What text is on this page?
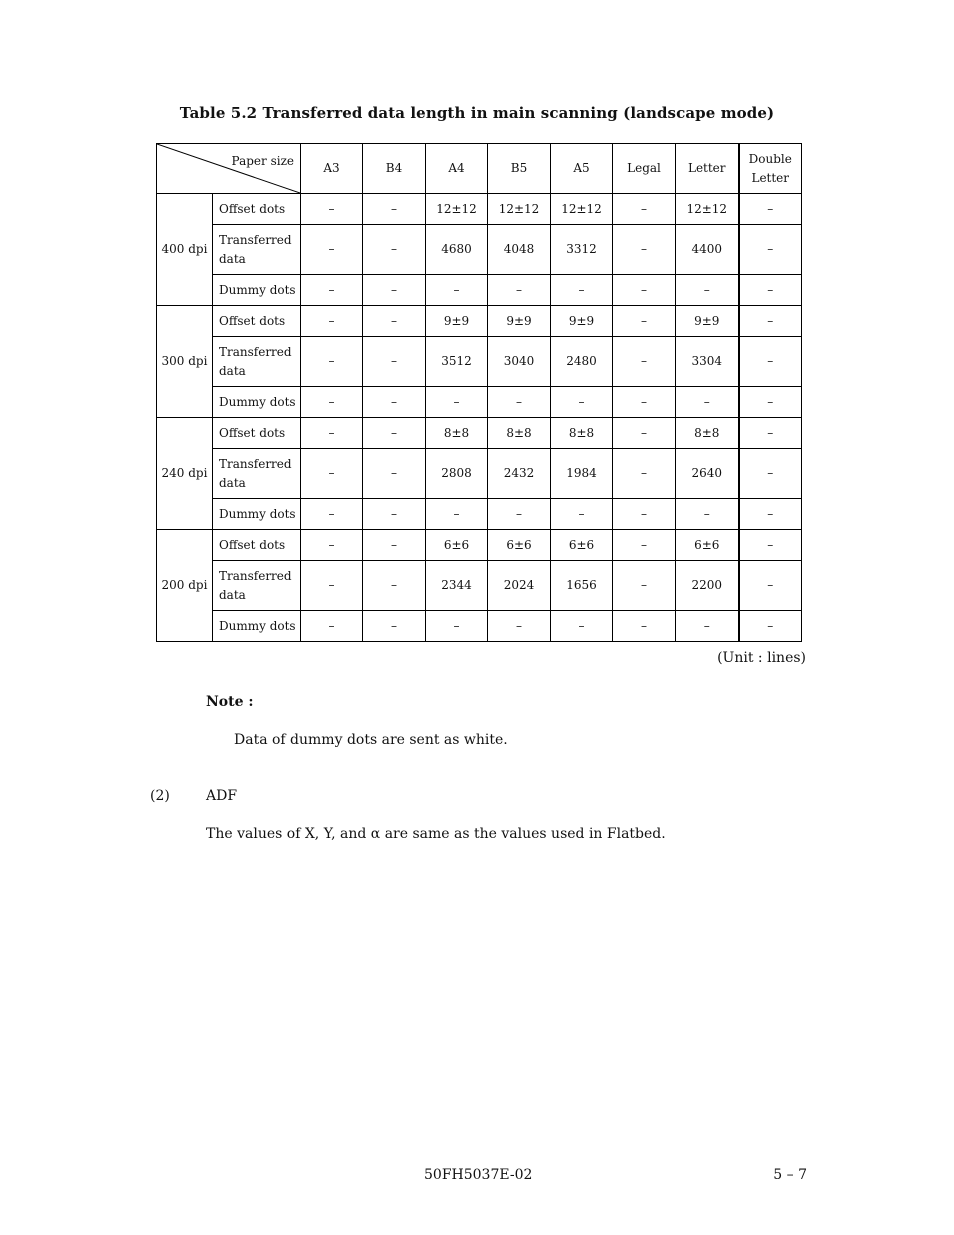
Table 5.2 Transferred data length in main scanning (landscape mode)
Paper size		A3	B4	A4	B5	A5	Legal	Letter	Double Letter
400 dpi	Offset dots	–	–	12±12	12±12	12±12	–	12±12	–
	Transferred data	–	–	4680	4048	3312	–	4400	–
	Dummy dots	–	–	–	–	–	–	–	–
300 dpi	Offset dots	–	–	9±9	9±9	9±9	–	9±9	–
	Transferred data	–	–	3512	3040	2480	–	3304	–
	Dummy dots	–	–	–	–	–	–	–	–
240 dpi	Offset dots	–	–	8±8	8±8	8±8	–	8±8	–
	Transferred data	–	–	2808	2432	1984	–	2640	–
	Dummy dots	–	–	–	–	–	–	–	–
200 dpi	Offset dots	–	–	6±6	6±6	6±6	–	6±6	–
	Transferred data	–	–	2344	2024	1656	–	2200	–
	Dummy dots	–	–	–	–	–	–	–	–
(Unit : lines)
Note :
Data of dummy dots are sent as white.
(2)	ADF
The values of X, Y, and α are same as the values used in Flatbed.
50FH5037E-02	5 – 7
